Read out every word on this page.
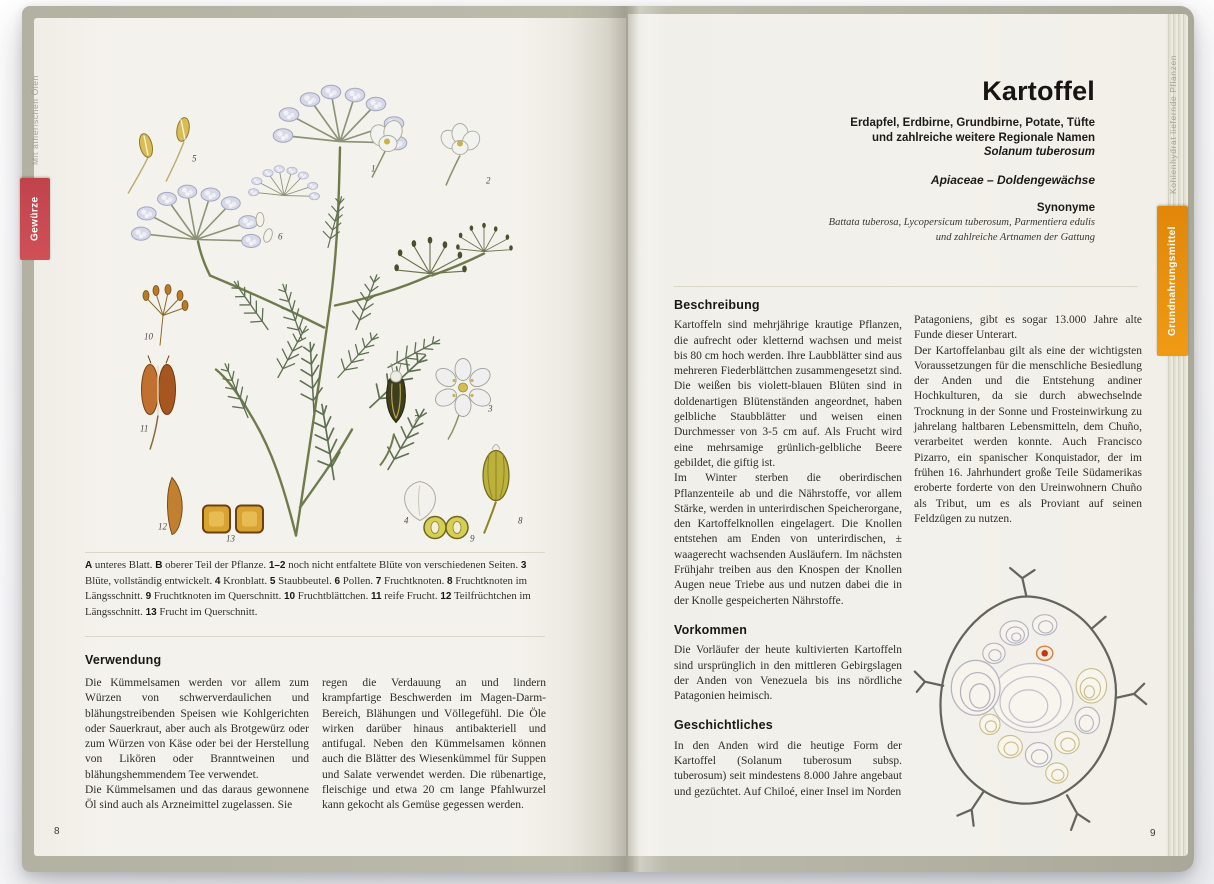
5
6
1
2
10
11
12
13
7
3
4	8
9
A unteres Blatt. B oberer Teil der Pflanze. 1–2 noch nicht entfaltete Blüte von verschiedenen Seiten. 3 Blüte, vollständig entwickelt. 4 Kronblatt. 5 Staubbeutel. 6 Pollen. 7 Fruchtknoten. 8 Fruchtknoten im Längsschnitt. 9 Fruchtknoten im Querschnitt. 10 Fruchtblättchen. 11 reife Frucht. 12 Teilfrüchtchen im Längsschnitt. 13 Frucht im Querschnitt.
Verwendung

Die Kümmelsamen werden vor allem zum Würzen von schwerverdaulichen und blähungstreibenden Speisen wie Kohlgerichten oder Sauerkraut, aber auch als Brotgewürz oder zum Würzen von Käse oder bei der Herstellung von Likören oder Branntweinen und blähungshemmendem Tee verwendet.

Die Kümmelsamen und das daraus gewonnene Öl sind auch als Arzneimittel zugelassen. Sie

regen die Verdauung an und lindern krampfartige Beschwerden im Magen-Darm-Bereich, Blähungen und Völlegefühl. Die Öle wirken darüber hinaus antibakteriell und antifugal. Neben den Kümmelsamen können auch die Blätter des Wiesenkümmel für Suppen und Salate verwendet werden. Die rübenartige, fleischige und etwa 20 cm lange Pfahlwurzel kann gekocht als Gemüse gegessen werden.

8
Kartoffel
Erdapfel, Erdbirne, Grundbirne, Potate, Tüfte
und zahlreiche weitere Regionale Namen
Solanum tuberosum
Apiaceae – Doldengewächse
Synonyme
Battata tuberosa, Lycopersicum tuberosum, Parmentiera edulis
und zahlreiche Artnamen der Gattung
Beschreibung

Kartoffeln sind mehrjährige krautige Pflanzen, die aufrecht oder kletternd wachsen und meist bis 80 cm hoch werden. Ihre Laubblätter sind aus mehreren Fiederblättchen zusammengesetzt sind. Die weißen bis violett-blauen Blüten sind in doldenartigen Blütenständen angeordnet, haben gelbliche Staubblätter und weisen einen Durchmesser von 3-5 cm auf. Als Frucht wird eine mehrsamige grünlich-gelbliche Beere gebildet, die giftig ist.

Im Winter sterben die oberirdischen Pflanzenteile ab und die Nährstoffe, vor allem Stärke, werden in unterirdischen Speicherorgane, den Kartoffelknollen eingelagert. Die Knollen entstehen am Enden von unterirdischen, ± waagerecht wachsenden Ausläufern. Im nächsten Frühjahr treiben aus den Knospen der Knollen Augen neue Triebe aus und nutzen dabei die in der Knolle gespeicherten Nährstoffe.

Vorkommen

Die Vorläufer der heute kultivierten Kartoffeln sind ursprünglich in den mittleren Gebirgslagen der Anden von Venezuela bis ins nördliche Patagonien heimisch.

Geschichtliches

In den Anden wird die heutige Form der Kartoffel (Solanum tuberosum subsp. tuberosum) seit mindestens 8.000 Jahre angebaut und gezüchtet. Auf Chiloé, einer Insel im Norden

Patagoniens, gibt es sogar 13.000 Jahre alte Funde dieser Unterart.

Der Kartoffelanbau gilt als eine der wichtigsten Voraussetzungen für die menschliche Besiedlung der Anden und die Entstehung andiner Hochkulturen, da sie durch abwechselnde Trocknung in der Sonne und Frosteinwirkung zu jahrelang haltbaren Lebensmitteln, dem Chuño, verarbeitet werden konnte. Auch Francisco Pizarro, ein spanischer Konquistador, der im frühen 16. Jahrhundert große Teile Südamerikas eroberte forderte von den Ureinwohnern Chuño als Tribut, um es als Proviant auf seinen Feldzügen zu nutzen.

9
Mit ätherischen Ölen
Gewürze
Kohlenhydrat liefernde Pflanzen
Grundnahrungsmittel
